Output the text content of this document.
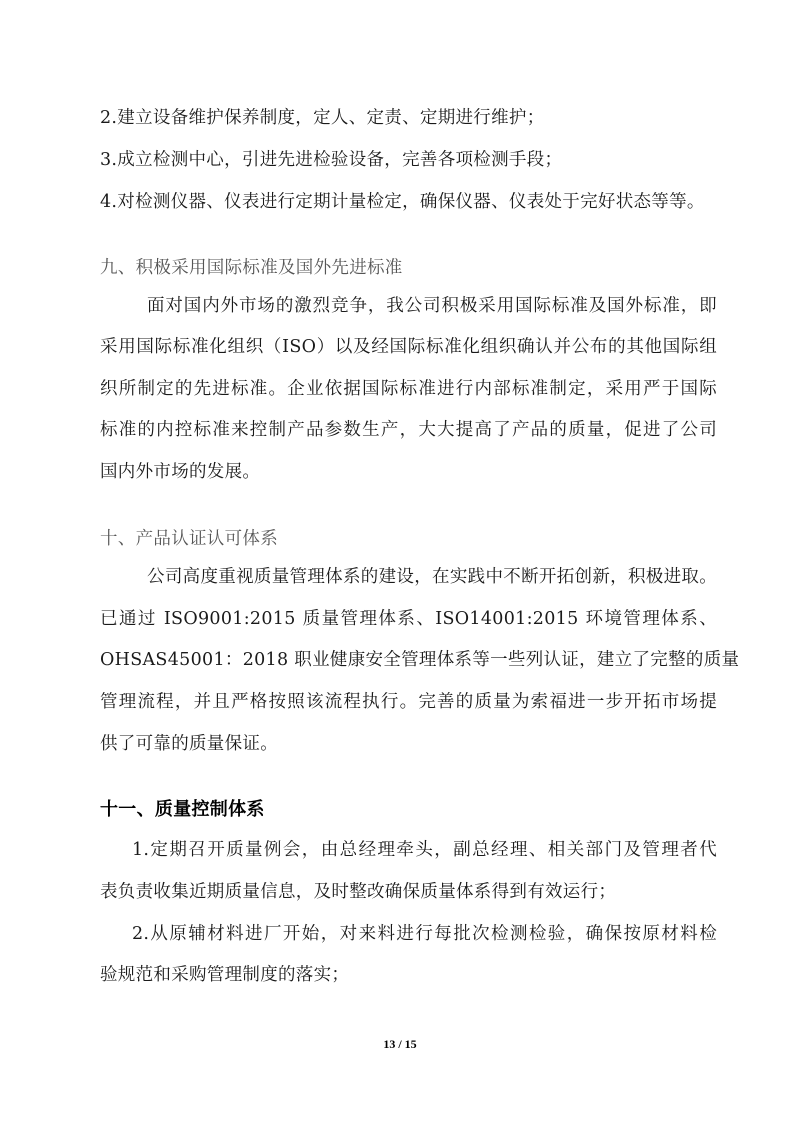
2.建立设备维护保养制度，定人、定责、定期进行维护；
3.成立检测中心，引进先进检验设备，完善各项检测手段；
4.对检测仪器、仪表进行定期计量检定，确保仪器、仪表处于完好状态等等。
九、积极采用国际标准及国外先进标准
面对国内外市场的激烈竞争，我公司积极采用国际标准及国外标准，即
采用国际标准化组织（ISO）以及经国际标准化组织确认并公布的其他国际组
织所制定的先进标准。企业依据国际标准进行内部标准制定，采用严于国际
标准的内控标准来控制产品参数生产，大大提高了产品的质量，促进了公司
国内外市场的发展。
十、产品认证认可体系
公司高度重视质量管理体系的建设，在实践中不断开拓创新，积极进取。
已通过 ISO9001:2015 质量管理体系、ISO14001:2015 环境管理体系、
OHSAS45001：2018 职业健康安全管理体系等一些列认证，建立了完整的质量
管理流程，并且严格按照该流程执行。完善的质量为索福进一步开拓市场提
供了可靠的质量保证。
十一、质量控制体系
1.定期召开质量例会，由总经理牵头，副总经理、相关部门及管理者代
表负责收集近期质量信息，及时整改确保质量体系得到有效运行；
2.从原辅材料进厂开始，对来料进行每批次检测检验，确保按原材料检
验规范和采购管理制度的落实；
13 / 15
